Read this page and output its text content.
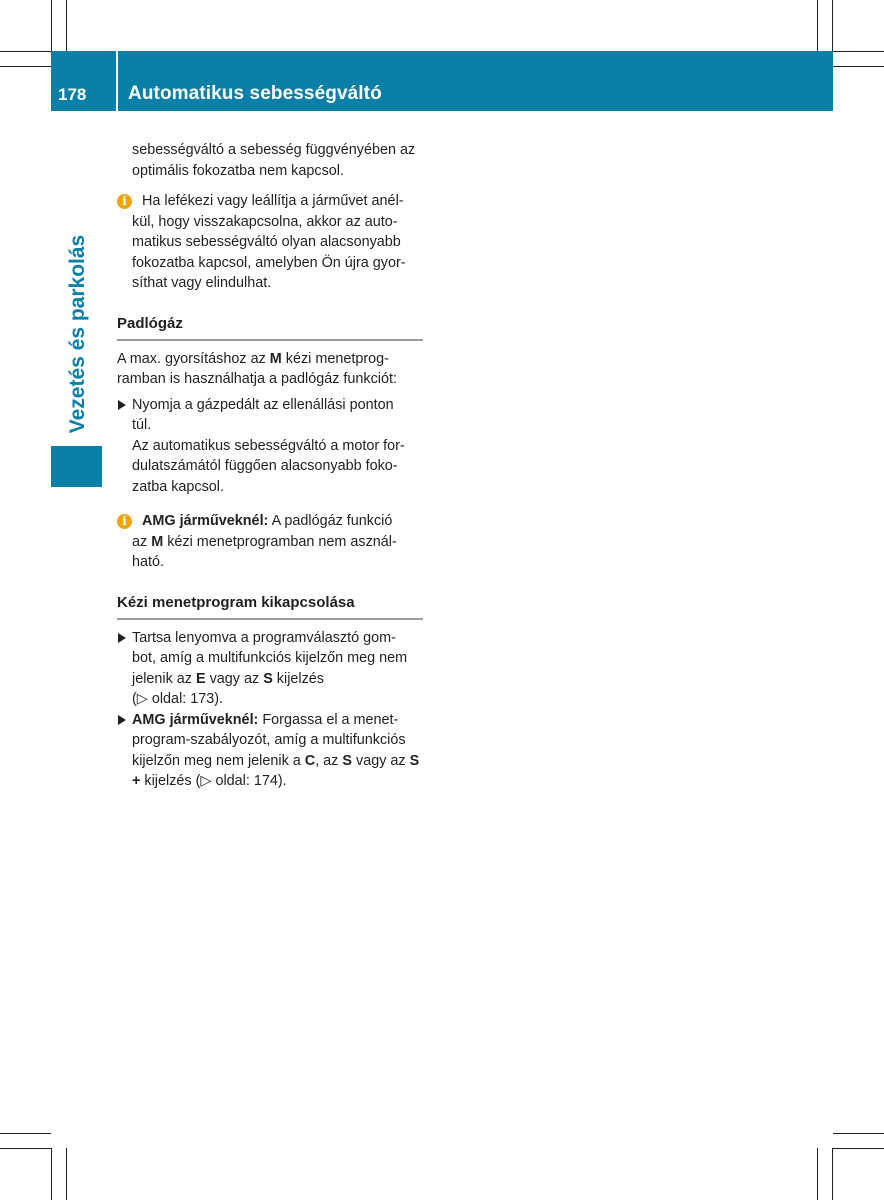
178	Automatikus sebességváltó
Vezetés és parkolás

sebességváltó a sebesség függvényében az

optimális fokozatba nem kapcsol.

i	Ha lefékezi vagy leállítja a járművet anél-

kül, hogy visszakapcsolna, akkor az auto-

matikus sebességváltó olyan alacsonyabb

fokozatba kapcsol, amelyben Ön újra gyor-

síthat vagy elindulhat.

Padlógáz

A max. gyorsításhoz az M kézi menetprog-

ramban is használhatja a padlógáz funkciót:

Nyomja a gázpedált az ellenállási ponton

túl.

Az automatikus sebességváltó a motor for-

dulatszámától függően alacsonyabb foko-

zatba kapcsol.

i	AMG járműveknél: A padlógáz funkció

az M kézi menetprogramban nem asznál-

ható.

Kézi menetprogram kikapcsolása

Tartsa lenyomva a programválasztó gom-

bot, amíg a multifunkciós kijelzőn meg nem

jelenik az E vagy az S kijelzés

(▷ oldal: 173).

AMG járműveknél: Forgassa el a menet-

program-szabályozót, amíg a multifunkciós

kijelzőn meg nem jelenik a C, az S vagy az S

+ kijelzés (▷ oldal: 174).
